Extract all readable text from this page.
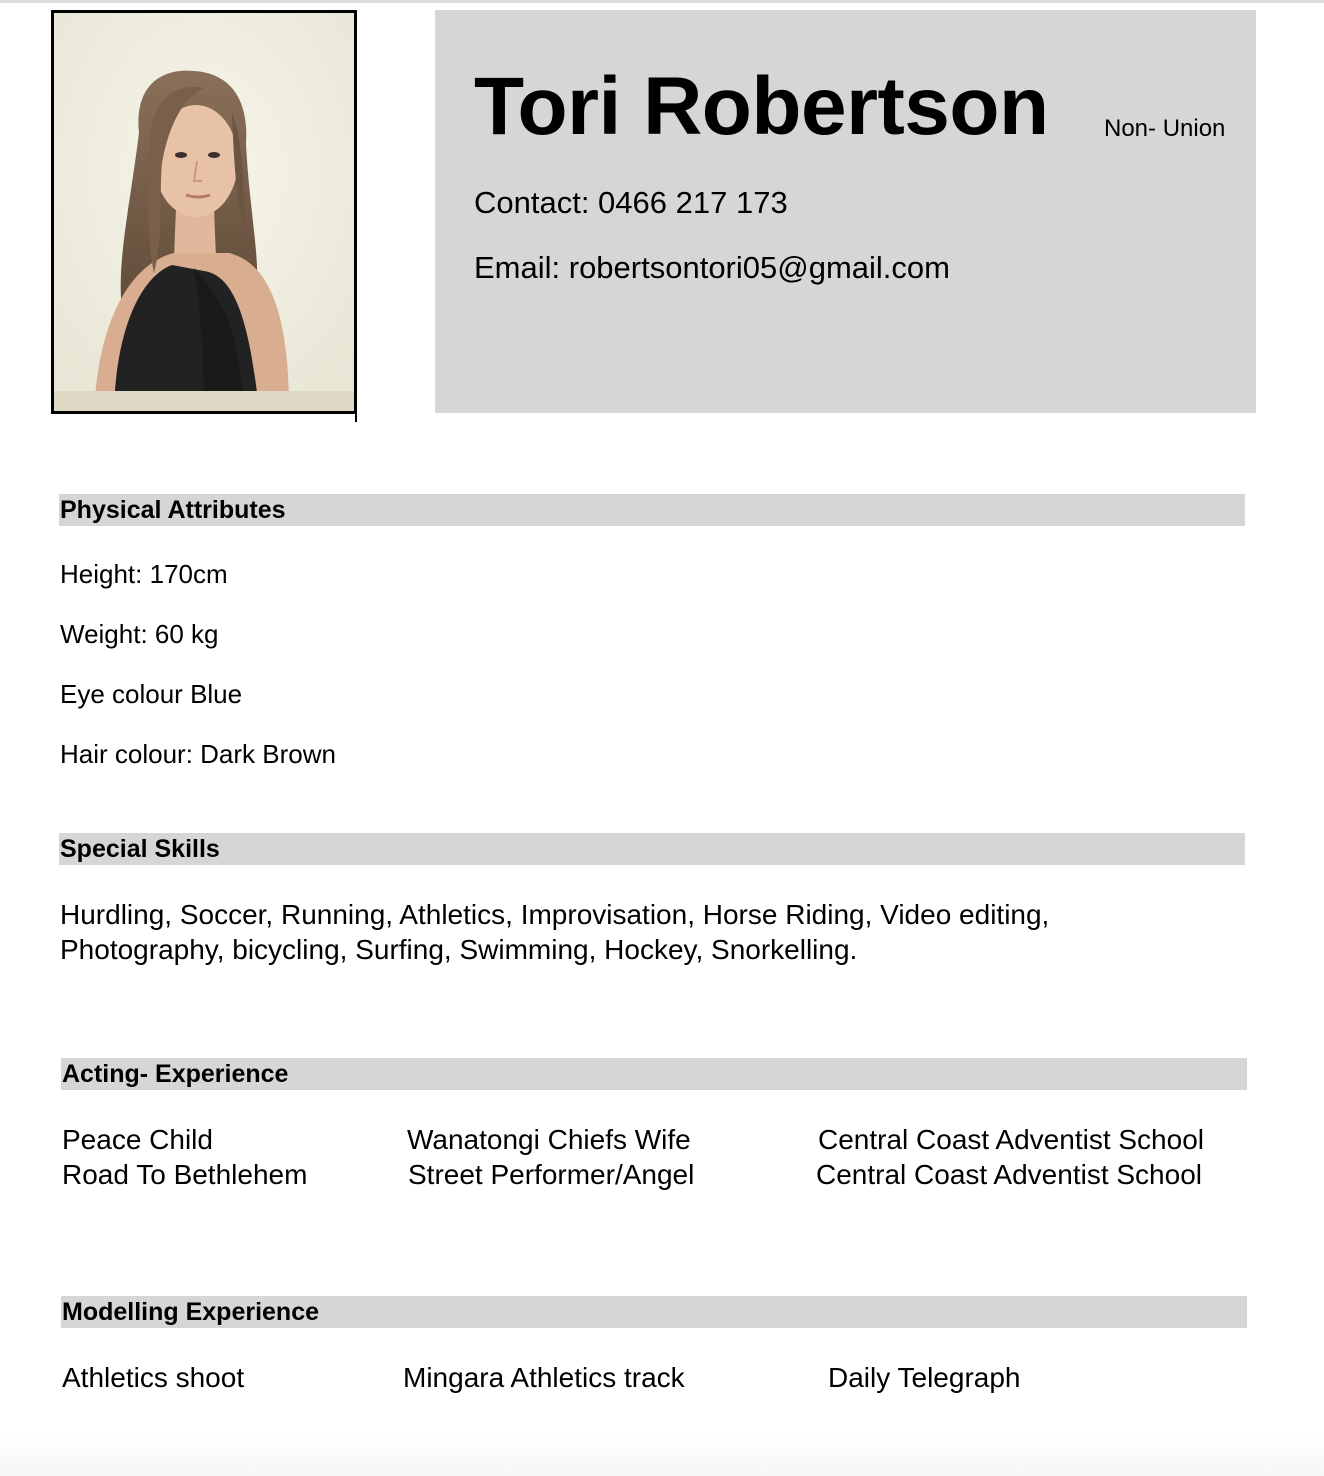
Tori Robertson Non- Union
Contact: 0466 217 173
Email: robertsontori05@gmail.com
Physical Attributes
Height: 170cm
Weight: 60 kg
Eye colour Blue
Hair colour: Dark Brown
Special Skills
Hurdling, Soccer, Running, Athletics, Improvisation, Horse Riding, Video editing,
Photography, bicycling, Surfing, Swimming, Hockey, Snorkelling.
Acting- Experience
Peace Child	Wanatongi Chiefs Wife	Central Coast Adventist School
Road To Bethlehem	Street Performer/Angel	Central Coast Adventist School
Modelling Experience
Athletics shoot	Mingara Athletics track	Daily Telegraph
